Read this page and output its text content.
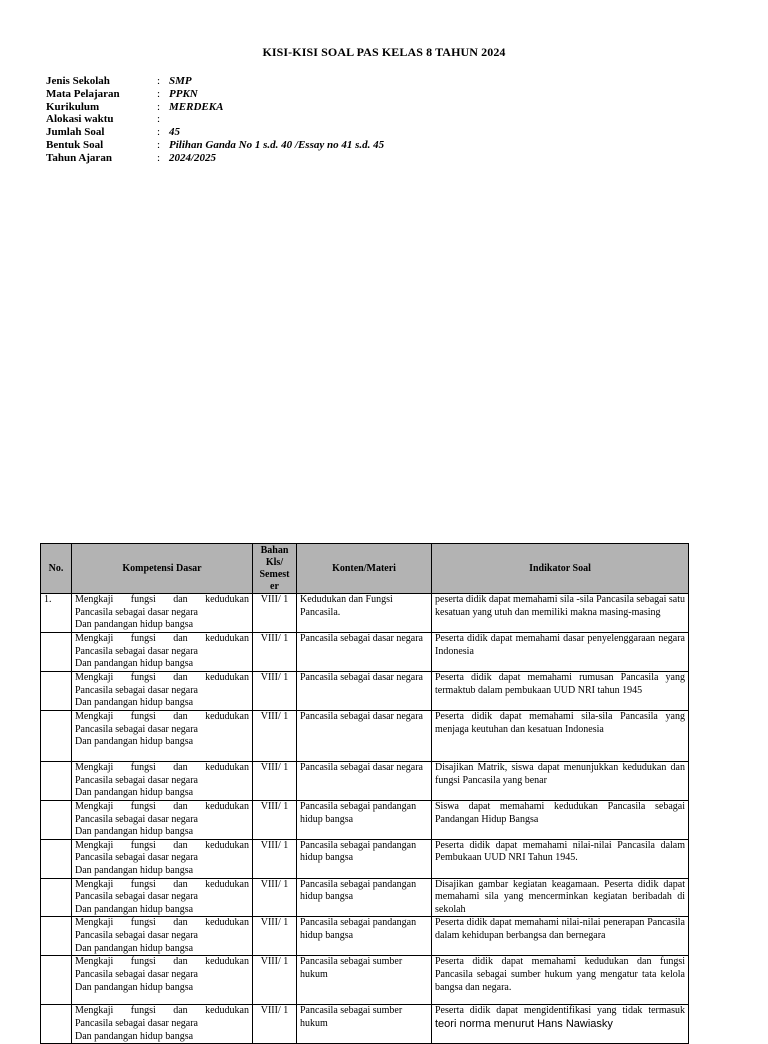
KISI-KISI SOAL PAS KELAS 8 TAHUN 2024
Jenis Sekolah	: SMP
Mata Pelajaran	: PPKN
Kurikulum	: MERDEKA
Alokasi waktu	:
Jumlah Soal	: 45
Bentuk Soal	: Pilihan Ganda No 1 s.d. 40 /Essay no 41 s.d. 45
Tahun Ajaran	: 2024/2025
No.	Kompetensi Dasar	Bahan
Kls/
Semest
er	Konten/Materi	Indikator Soal
1.	Mengkaji fungsi dan kedudukan
Pancasila sebagai dasar negara
Dan pandangan hidup bangsa	VIII/ 1	Kedudukan dan Fungsi Pancasila.	peserta didik dapat memahami sila -sila Pancasila sebagai satu kesatuan yang utuh dan memiliki makna masing-masing

	Mengkaji fungsi dan kedudukan
Pancasila sebagai dasar negara
Dan pandangan hidup bangsa	VIII/ 1	Pancasila sebagai dasar negara	Peserta didik dapat memahami dasar penyelenggaraan negara Indonesia

	Mengkaji fungsi dan kedudukan
Pancasila sebagai dasar negara
Dan pandangan hidup bangsa	VIII/ 1	Pancasila sebagai dasar negara	Peserta didik dapat memahami rumusan Pancasila yang termaktub dalam pembukaan UUD NRI tahun 1945

	Mengkaji fungsi dan kedudukan
Pancasila sebagai dasar negara
Dan pandangan hidup bangsa	VIII/ 1	Pancasila sebagai dasar negara	Peserta didik dapat memahami sila-sila Pancasila yang menjaga keutuhan dan kesatuan Indonesia

	Mengkaji fungsi dan kedudukan
Pancasila sebagai dasar negara
Dan pandangan hidup bangsa	VIII/ 1	Pancasila sebagai dasar negara	Disajikan Matrik, siswa dapat menunjukkan kedudukan dan fungsi Pancasila yang benar

	Mengkaji fungsi dan kedudukan
Pancasila sebagai dasar negara
Dan pandangan hidup bangsa	VIII/ 1	Pancasila sebagai pandangan hidup bangsa	Siswa dapat memahami kedudukan Pancasila sebagai Pandangan Hidup Bangsa

	Mengkaji fungsi dan kedudukan
Pancasila sebagai dasar negara
Dan pandangan hidup bangsa	VIII/ 1	Pancasila sebagai pandangan hidup bangsa	Peserta didik dapat memahami nilai-nilai Pancasila dalam Pembukaan UUD NRI Tahun 1945.

	Mengkaji fungsi dan kedudukan
Pancasila sebagai dasar negara
Dan pandangan hidup bangsa	VIII/ 1	Pancasila sebagai pandangan hidup bangsa	Disajikan gambar kegiatan keagamaan. Peserta didik dapat memahami sila yang mencerminkan kegiatan beribadah di sekolah

	Mengkaji fungsi dan kedudukan
Pancasila sebagai dasar negara
Dan pandangan hidup bangsa	VIII/ 1	Pancasila sebagai pandangan hidup bangsa	Peserta didik dapat memahami nilai-nilai penerapan Pancasila dalam kehidupan berbangsa dan bernegara

	Mengkaji fungsi dan kedudukan
Pancasila sebagai dasar negara
Dan pandangan hidup bangsa	VIII/ 1	Pancasila sebagai sumber hukum	Peserta didik dapat memahami kedudukan dan fungsi Pancasila sebagai sumber hukum yang mengatur tata kelola bangsa dan negara.

	Mengkaji fungsi dan kedudukan
Pancasila sebagai dasar negara
Dan pandangan hidup bangsa	VIII/ 1	Pancasila sebagai sumber hukum	Peserta didik dapat mengidentifikasi yang tidak termasuk teori norma menurut Hans Nawiasky
